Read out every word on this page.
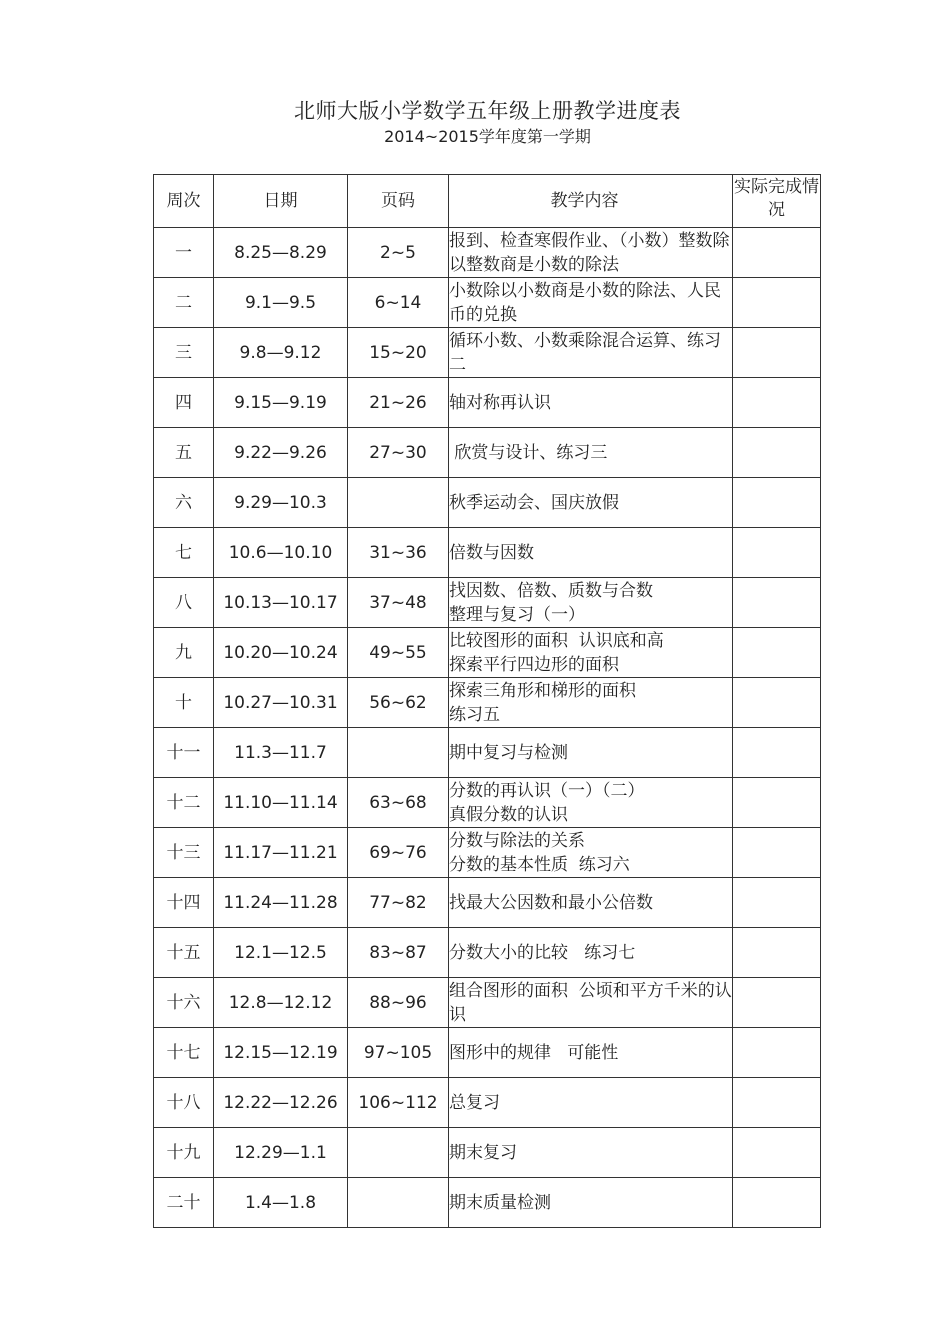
北师大版小学数学五年级上册教学进度表
2014~2015学年度第一学期
周次	日期	页码	教学内容	实际完成情况
一	8.25—8.29	2~5	报到、检查寒假作业、（小数）整数除以整数商是小数的除法	
二	9.1—9.5	6~14	小数除以小数商是小数的除法、人民币的兑换	
三	9.8—9.12	15~20	循环小数、小数乘除混合运算、练习二	
四	9.15—9.19	21~26	轴对称再认识	
五	9.22—9.26	27~30	欣赏与设计、练习三	
六	9.29—10.3		秋季运动会、国庆放假	
七	10.6—10.10	31~36	倍数与因数	
八	10.13—10.17	37~48	找因数、倍数、质数与合数
整理与复习（一）	
九	10.20—10.24	49~55	比较图形的面积  认识底和高
探索平行四边形的面积	
十	10.27—10.31	56~62	探索三角形和梯形的面积
练习五	
十一	11.3—11.7		期中复习与检测	
十二	11.10—11.14	63~68	分数的再认识（一）（二）
真假分数的认识	
十三	11.17—11.21	69~76	分数与除法的关系
分数的基本性质  练习六	
十四	11.24—11.28	77~82	找最大公因数和最小公倍数	
十五	12.1—12.5	83~87	分数大小的比较   练习七	
十六	12.8—12.12	88~96	组合图形的面积  公顷和平方千米的认识	
十七	12.15—12.19	97~105	图形中的规律   可能性	
十八	12.22—12.26	106~112	总复习	
十九	12.29—1.1		期末复习	
二十	1.4—1.8		期末质量检测	
